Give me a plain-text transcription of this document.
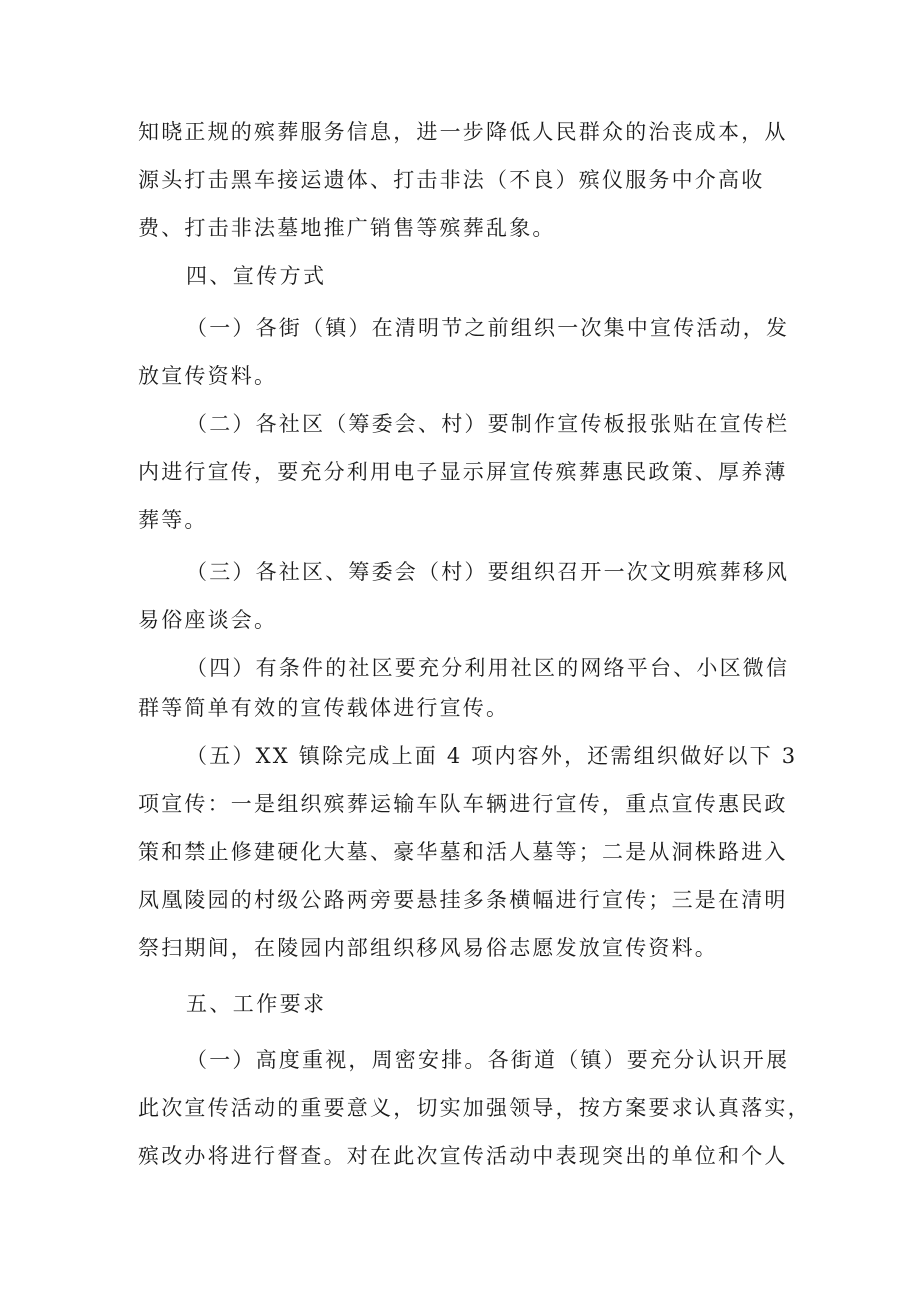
知晓正规的殡葬服务信息，进一步降低人民群众的治丧成本，从
源头打击黑车接运遗体、打击非法（不良）殡仪服务中介高收
费、打击非法墓地推广销售等殡葬乱象。
四、宣传方式
（一）各街（镇）在清明节之前组织一次集中宣传活动，发
放宣传资料。
（二）各社区（筹委会、村）要制作宣传板报张贴在宣传栏
内进行宣传，要充分利用电子显示屏宣传殡葬惠民政策、厚养薄
葬等。
（三）各社区、筹委会（村）要组织召开一次文明殡葬移风
易俗座谈会。
（四）有条件的社区要充分利用社区的网络平台、小区微信
群等简单有效的宣传载体进行宣传。
（五）XX 镇除完成上面 4 项内容外，还需组织做好以下 3
项宣传：一是组织殡葬运输车队车辆进行宣传，重点宣传惠民政
策和禁止修建硬化大墓、豪华墓和活人墓等；二是从洞株路进入
凤凰陵园的村级公路两旁要悬挂多条横幅进行宣传；三是在清明
祭扫期间，在陵园内部组织移风易俗志愿发放宣传资料。
五、工作要求
（一）高度重视，周密安排。各街道（镇）要充分认识开展
此次宣传活动的重要意义，切实加强领导，按方案要求认真落实，
殡改办将进行督查。对在此次宣传活动中表现突出的单位和个人
